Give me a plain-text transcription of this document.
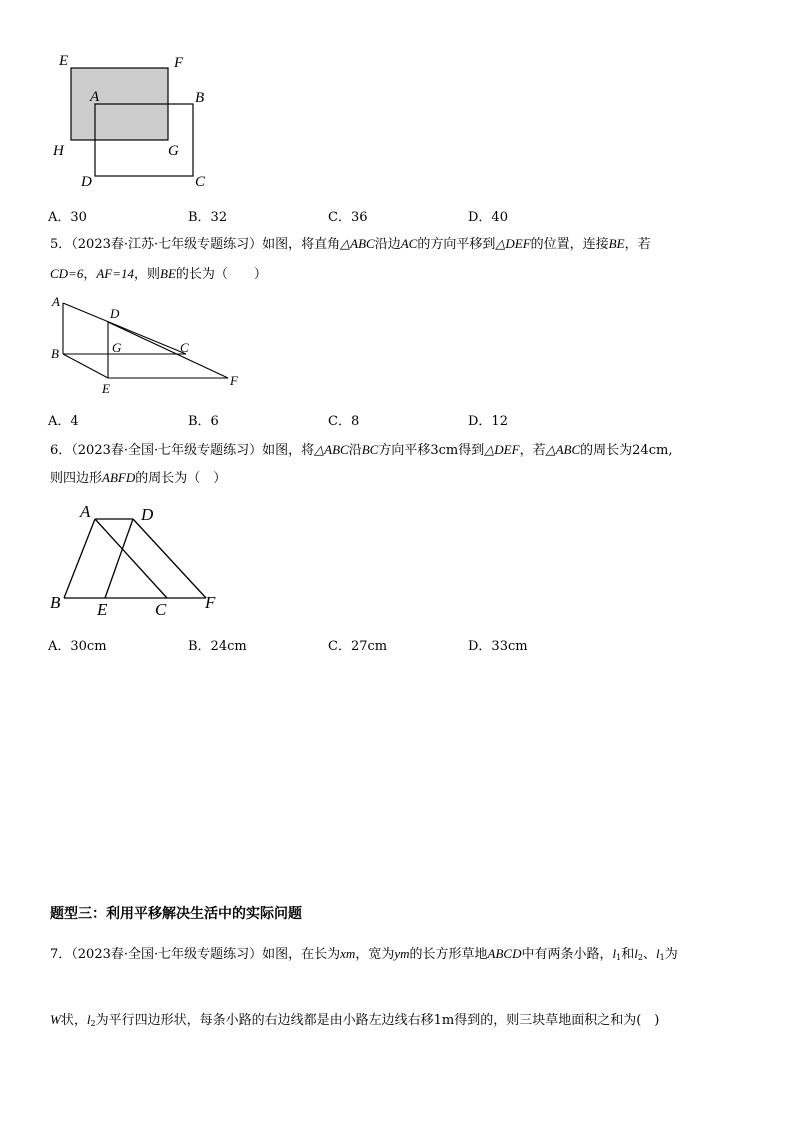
E	F
A	B
H	G
D	C
A．30	B．32	C．36	D．40
5．（2023春·江苏·七年级专题练习）如图，将直角△ABC沿边AC的方向平移到△DEF的位置，连接BE，若
CD=6，AF=14，则BE的长为（　　）
A
D
B	G	C
E
F
A．4	B．6	C．8	D．12
6．（2023春·全国·七年级专题练习）如图，将△ABC沿BC方向平移3cm得到△DEF，若△ABC的周长为24cm,
则四边形ABFD的周长为（　）
A	D
B E	C F
A．30cm	B．24cm	C．27cm	D．33cm
题型三：利用平移解决生活中的实际问题
7．（2023春·全国·七年级专题练习）如图，在长为xm，宽为ym的长方形草地ABCD中有两条小路，$l_1$和$l_2$、$l_1$为
W状，$l_2$为平行四边形状，每条小路的右边线都是由小路左边线右移1m得到的，则三块草地面积之和为(　)
